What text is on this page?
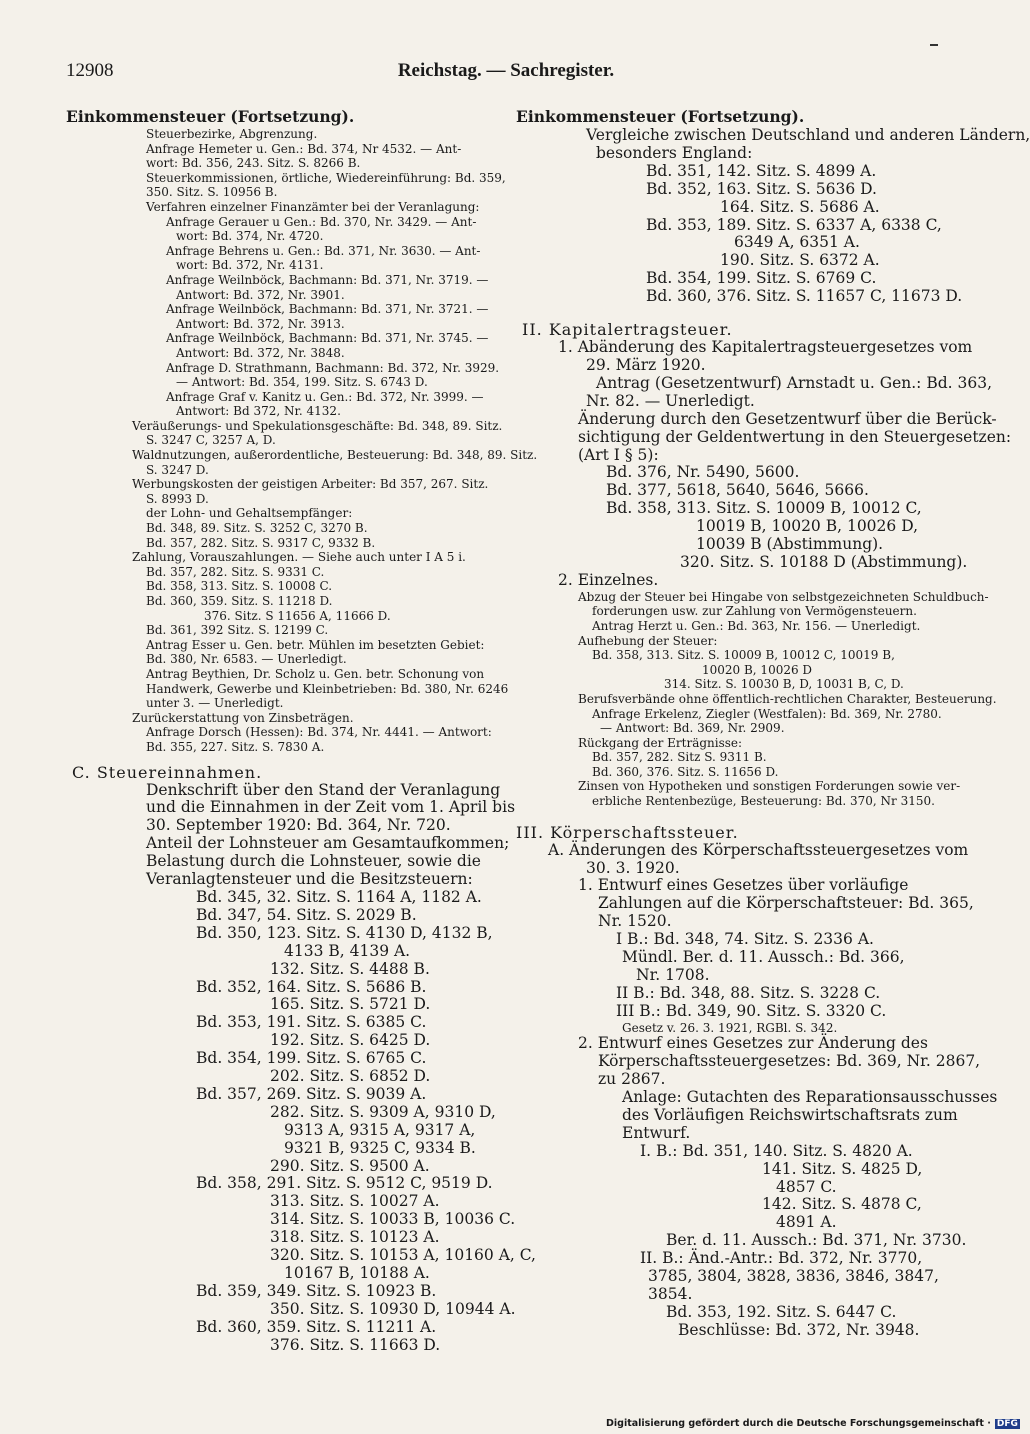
12908	Reichstag. — Sachregister.
Einkommensteuer (Fortsetzung).
Steuerbezirke, Abgrenzung.
Anfrage Hemeter u. Gen.: Bd. 374, Nr 4532. — Ant-
wort: Bd. 356, 243. Sitz. S. 8266 B.
Steuerkommissionen, örtliche, Wiedereinführung: Bd. 359,
350. Sitz. S. 10956 B.
Verfahren einzelner Finanzämter bei der Veranlagung:
Anfrage Gerauer u Gen.: Bd. 370, Nr. 3429. — Ant-
wort: Bd. 374, Nr. 4720.
Anfrage Behrens u. Gen.: Bd. 371, Nr. 3630. — Ant-
wort: Bd. 372, Nr. 4131.
Anfrage Weilnböck, Bachmann: Bd. 371, Nr. 3719. —
Antwort: Bd. 372, Nr. 3901.
Anfrage Weilnböck, Bachmann: Bd. 371, Nr. 3721. —
Antwort: Bd. 372, Nr. 3913.
Anfrage Weilnböck, Bachmann: Bd. 371, Nr. 3745. —
Antwort: Bd. 372, Nr. 3848.
Anfrage D. Strathmann, Bachmann: Bd. 372, Nr. 3929.
— Antwort: Bd. 354, 199. Sitz. S. 6743 D.
Anfrage Graf v. Kanitz u. Gen.: Bd. 372, Nr. 3999. —
Antwort: Bd 372, Nr. 4132.
Veräußerungs- und Spekulationsgeschäfte: Bd. 348, 89. Sitz.
S. 3247 C, 3257 A, D.
Waldnutzungen, außerordentliche, Besteuerung: Bd. 348, 89. Sitz.
S. 3247 D.
Werbungskosten der geistigen Arbeiter: Bd 357, 267. Sitz.
S. 8993 D.
der Lohn- und Gehaltsempfänger:
Bd. 348, 89. Sitz. S. 3252 C, 3270 B.
Bd. 357, 282. Sitz. S. 9317 C, 9332 B.
Zahlung, Vorauszahlungen. — Siehe auch unter I A 5 i.
Bd. 357, 282. Sitz. S. 9331 C.
Bd. 358, 313. Sitz. S. 10008 C.
Bd. 360, 359. Sitz. S. 11218 D.
376. Sitz. S 11656 A, 11666 D.
Bd. 361, 392 Sitz. S. 12199 C.
Antrag Esser u. Gen. betr. Mühlen im besetzten Gebiet:
Bd. 380, Nr. 6583. — Unerledigt.
Antrag Beythien, Dr. Scholz u. Gen. betr. Schonung von
Handwerk, Gewerbe und Kleinbetrieben: Bd. 380, Nr. 6246
unter 3. — Unerledigt.
Zurückerstattung von Zinsbeträgen.
Anfrage Dorsch (Hessen): Bd. 374, Nr. 4441. — Antwort:
Bd. 355, 227. Sitz. S. 7830 A.
C. Steuereinnahmen.
Denkschrift über den Stand der Veranlagung
und die Einnahmen in der Zeit vom 1. April bis
30. September 1920: Bd. 364, Nr. 720.
Anteil der Lohnsteuer am Gesamtaufkommen;
Belastung durch die Lohnsteuer, sowie die
Veranlagtensteuer und die Besitzsteuern:
Bd. 345, 32. Sitz. S. 1164 A, 1182 A.
Bd. 347, 54. Sitz. S. 2029 B.
Bd. 350, 123. Sitz. S. 4130 D, 4132 B,
4133 B, 4139 A.
132. Sitz. S. 4488 B.
Bd. 352, 164. Sitz. S. 5686 B.
165. Sitz. S. 5721 D.
Bd. 353, 191. Sitz. S. 6385 C.
192. Sitz. S. 6425 D.
Bd. 354, 199. Sitz. S. 6765 C.
202. Sitz. S. 6852 D.
Bd. 357, 269. Sitz. S. 9039 A.
282. Sitz. S. 9309 A, 9310 D,
9313 A, 9315 A, 9317 A,
9321 B, 9325 C, 9334 B.
290. Sitz. S. 9500 A.
Bd. 358, 291. Sitz. S. 9512 C, 9519 D.
313. Sitz. S. 10027 A.
314. Sitz. S. 10033 B, 10036 C.
318. Sitz. S. 10123 A.
320. Sitz. S. 10153 A, 10160 A, C,
10167 B, 10188 A.
Bd. 359, 349. Sitz. S. 10923 B.
350. Sitz. S. 10930 D, 10944 A.
Bd. 360, 359. Sitz. S. 11211 A.
376. Sitz. S. 11663 D.
Einkommensteuer (Fortsetzung).
Vergleiche zwischen Deutschland und anderen Ländern,
besonders England:
Bd. 351, 142. Sitz. S. 4899 A.
Bd. 352, 163. Sitz. S. 5636 D.
164. Sitz. S. 5686 A.
Bd. 353, 189. Sitz. S. 6337 A, 6338 C,
6349 A, 6351 A.
190. Sitz. S. 6372 A.
Bd. 354, 199. Sitz. S. 6769 C.
Bd. 360, 376. Sitz. S. 11657 C, 11673 D.
II. Kapitalertragsteuer.
1. Abänderung des Kapitalertragsteuergesetzes vom
29. März 1920.
Antrag (Gesetzentwurf) Arnstadt u. Gen.: Bd. 363,
Nr. 82. — Unerledigt.
Änderung durch den Gesetzentwurf über die Berück-
sichtigung der Geldentwertung in den Steuergesetzen:
(Art I § 5):
Bd. 376, Nr. 5490, 5600.
Bd. 377, 5618, 5640, 5646, 5666.
Bd. 358, 313. Sitz. S. 10009 B, 10012 C,
10019 B, 10020 B, 10026 D,
10039 B (Abstimmung).
320. Sitz. S. 10188 D (Abstimmung).
2. Einzelnes.
Abzug der Steuer bei Hingabe von selbstgezeichneten Schuldbuch-
forderungen usw. zur Zahlung von Vermögensteuern.
Antrag Herzt u. Gen.: Bd. 363, Nr. 156. — Unerledigt.
Aufhebung der Steuer:
Bd. 358, 313. Sitz. S. 10009 B, 10012 C, 10019 B,
10020 B, 10026 D
314. Sitz. S. 10030 B, D, 10031 B, C, D.
Berufsverbände ohne öffentlich-rechtlichen Charakter, Besteuerung.
Anfrage Erkelenz, Ziegler (Westfalen): Bd. 369, Nr. 2780.
— Antwort: Bd. 369, Nr. 2909.
Rückgang der Erträgnisse:
Bd. 357, 282. Sitz S. 9311 B.
Bd. 360, 376. Sitz. S. 11656 D.
Zinsen von Hypotheken und sonstigen Forderungen sowie ver-
erbliche Rentenbezüge, Besteuerung: Bd. 370, Nr 3150.
III. Körperschaftssteuer.
A. Änderungen des Körperschaftssteuergesetzes vom
30. 3. 1920.
1. Entwurf eines Gesetzes über vorläufige
Zahlungen auf die Körperschaftsteuer: Bd. 365,
Nr. 1520.
I B.: Bd. 348, 74. Sitz. S. 2336 A.
Mündl. Ber. d. 11. Aussch.: Bd. 366,
Nr. 1708.
II B.: Bd. 348, 88. Sitz. S. 3228 C.
III B.: Bd. 349, 90. Sitz. S. 3320 C.
Gesetz v. 26. 3. 1921, RGBl. S. 342.
2. Entwurf eines Gesetzes zur Änderung des
Körperschaftssteuergesetzes: Bd. 369, Nr. 2867,
zu 2867.
Anlage: Gutachten des Reparationsausschusses
des Vorläufigen Reichswirtschaftsrats zum
Entwurf.
I. B.: Bd. 351, 140. Sitz. S. 4820 A.
141. Sitz. S. 4825 D,
4857 C.
142. Sitz. S. 4878 C,
4891 A.
Ber. d. 11. Aussch.: Bd. 371, Nr. 3730.
II. B.: Änd.-Antr.: Bd. 372, Nr. 3770,
3785, 3804, 3828, 3836, 3846, 3847,
3854.
Bd. 353, 192. Sitz. S. 6447 C.
Beschlüsse: Bd. 372, Nr. 3948.
Digitalisierung gefördert durch die Deutsche Forschungsgemeinschaft · DFG
